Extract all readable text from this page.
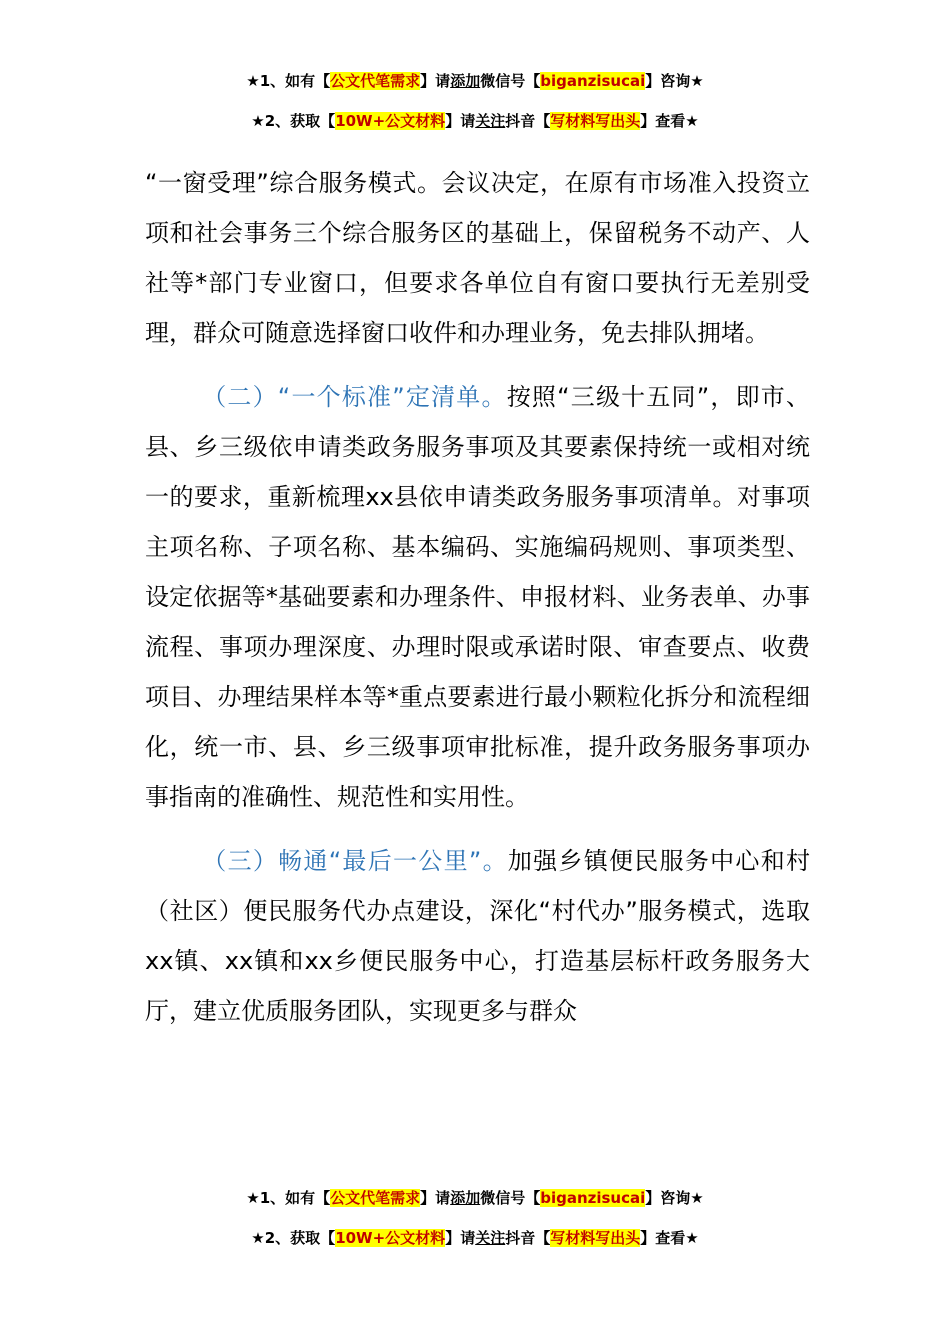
★1、如有【公文代笔需求】请添加微信号【biganzisucai】咨询★
★2、获取【10W+公文材料】请关注抖音【写材料写出头】查看★

“一窗受理”综合服务模式。会议决定，在原有市场准入投资立项和社会事务三个综合服务区的基础上，保留税务不动产、人社等*部门专业窗口，但要求各单位自有窗口要执行无差别受理，群众可随意选择窗口收件和办理业务，免去排队拥堵。

（二）“一个标准”定清单。按照“三级十五同”，即市、县、乡三级依申请类政务服务事项及其要素保持统一或相对统一的要求，重新梳理xx县依申请类政务服务事项清单。对事项主项名称、子项名称、基本编码、实施编码规则、事项类型、设定依据等*基础要素和办理条件、申报材料、业务表单、办事流程、事项办理深度、办理时限或承诺时限、审查要点、收费项目、办理结果样本等*重点要素进行最小颗粒化拆分和流程细化，统一市、县、乡三级事项审批标准，提升政务服务事项办事指南的准确性、规范性和实用性。

（三）畅通“最后一公里”。加强乡镇便民服务中心和村（社区）便民服务代办点建设，深化“村代办”服务模式，选取xx镇、xx镇和xx乡便民服务中心，打造基层标杆政务服务大厅，建立优质服务团队，实现更多与群众

★1、如有【公文代笔需求】请添加微信号【biganzisucai】咨询★
★2、获取【10W+公文材料】请关注抖音【写材料写出头】查看★
